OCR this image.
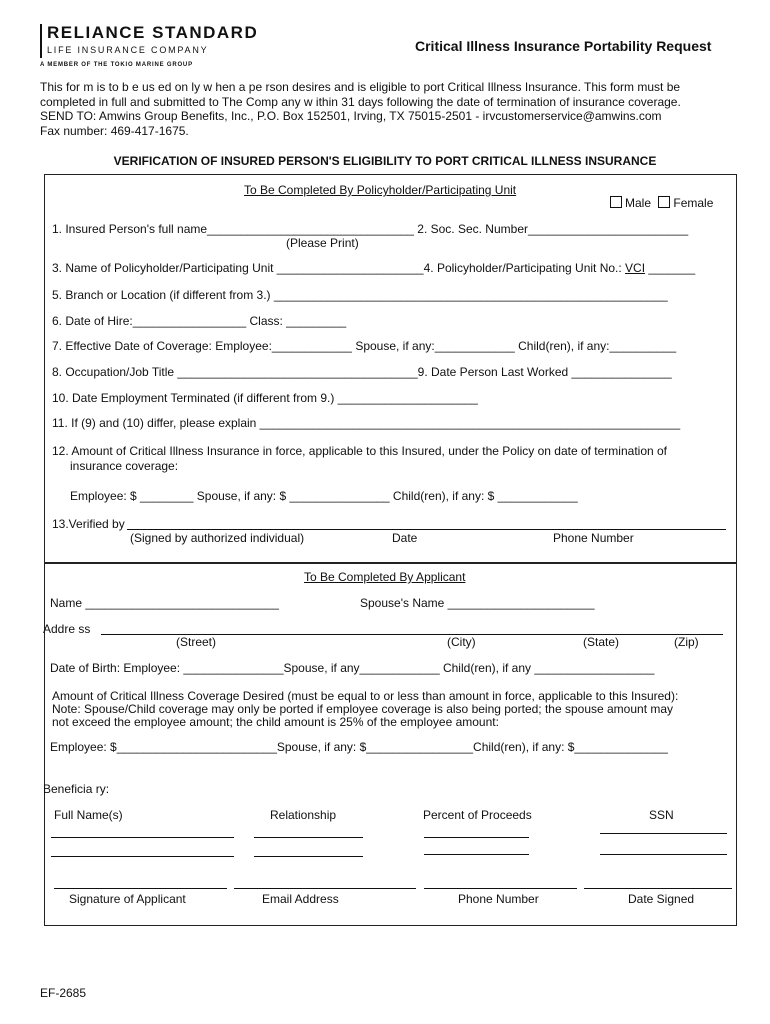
RELIANCE STANDARD
LIFE INSURANCE COMPANY
A MEMBER OF THE TOKIO MARINE GROUP
Critical Illness Insurance Portability Request
This for m is to b e us ed on ly w hen a pe rson desires and is eligible to port Critical Illness Insurance. This form must be
completed in full and submitted to The Comp any w ithin 31 days following the date of termination of insurance coverage.
SEND TO: Amwins Group Benefits, Inc., P.O. Box 152501, Irving, TX 75015-2501 - irvcustomerservice@amwins.com
Fax number: 469-417-1675.
VERIFICATION OF INSURED PERSON'S ELIGIBILITY TO PORT CRITICAL ILLNESS INSURANCE
To Be Completed By Policyholder/Participating Unit
Male Female
1. Insured Person's full name_______________________________ 2. Soc. Sec. Number________________________
(Please Print)
3. Name of Policyholder/Participating Unit ______________________4. Policyholder/Participating Unit No.: VCI _______
5. Branch or Location (if different from 3.) ___________________________________________________________
6. Date of Hire:_________________ Class: _________
7. Effective Date of Coverage: Employee:____________ Spouse, if any:____________ Child(ren), if any:__________
8. Occupation/Job Title ____________________________________9. Date Person Last Worked _______________
10. Date Employment Terminated (if different from 9.) _____________________
11. If (9) and (10) differ, please explain _______________________________________________________________
12. Amount of Critical Illness Insurance in force, applicable to this Insured, under the Policy on date of termination of
insurance coverage:
Employee: $ ________ Spouse, if any: $ _______________ Child(ren), if any: $ ____________
13.Verified by
(Signed by authorized individual)	Date	Phone Number
To Be Completed By Applicant
Name _____________________________	Spouse's Name ______________________
Addre ss
(Street)	(City)	(State)	(Zip)
Date of Birth: Employee: _______________Spouse, if any____________ Child(ren), if any __________________
Amount of Critical Illness Coverage Desired (must be equal to or less than amount in force, applicable to this Insured):
Note: Spouse/Child coverage may only be ported if employee coverage is also being ported; the spouse amount may
not exceed the employee amount; the child amount is 25% of the employee amount:
Employee: $________________________Spouse, if any: $________________Child(ren), if any: $______________
Beneficia ry:
Full Name(s)	Relationship	Percent of Proceeds	SSN
Signature of Applicant	Email Address	Phone Number	Date Signed
EF-2685
